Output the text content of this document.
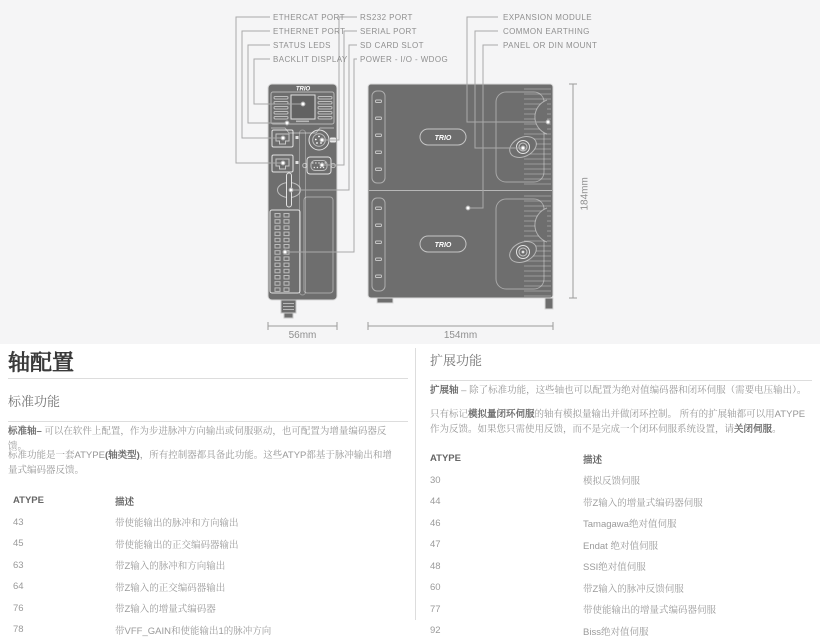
TRIO
TRIO
TRIO
ETHERCAT PORT
ETHERNET PORT
STATUS LEDS
BACKLIT DISPLAY
RS232 PORT
SERIAL PORT
SD CARD SLOT
POWER - I/O - WDOG
EXPANSION MODULE
COMMON EARTHING
PANEL OR DIN MOUNT
56mm	154mm
184mm
轴配置
标准功能
标准轴– 可以在软件上配置，作为步进脉冲方向输出或伺服驱动，也可配置为增量编码器反馈。
标准功能是一套ATYPE(轴类型)，所有控制器都具备此功能。这些ATYP都基于脉冲输出和增量式编码器反馈。
ATYPE	描述
43	带使能输出的脉冲和方向输出
45	带使能输出的正交编码器输出
63	带Z输入的脉冲和方向输出
64	带Z输入的正交编码器输出
76	带Z输入的增量式编码器
78	带VFF_GAIN和使能输出1的脉冲方向
扩展功能
扩展轴 – 除了标准功能，这些轴也可以配置为绝对值编码器和闭环伺服（需要电压输出）。
只有标记模拟量闭环伺服的轴有模拟量输出并做闭环控制。 所有的扩展轴都可以用ATYPE作为反馈。如果您只需使用反馈，而不是完成一个闭环伺服系统设置，请关闭伺服。
ATYPE	描述
30	模拟反馈伺服
44	带Z输入的增量式编码器伺服
46	Tamagawa绝对值伺服
47	Endat 绝对值伺服
48	SSI绝对值伺服
60	带Z输入的脉冲反馈伺服
77	带使能输出的增量式编码器伺服
92	Biss绝对值伺服
